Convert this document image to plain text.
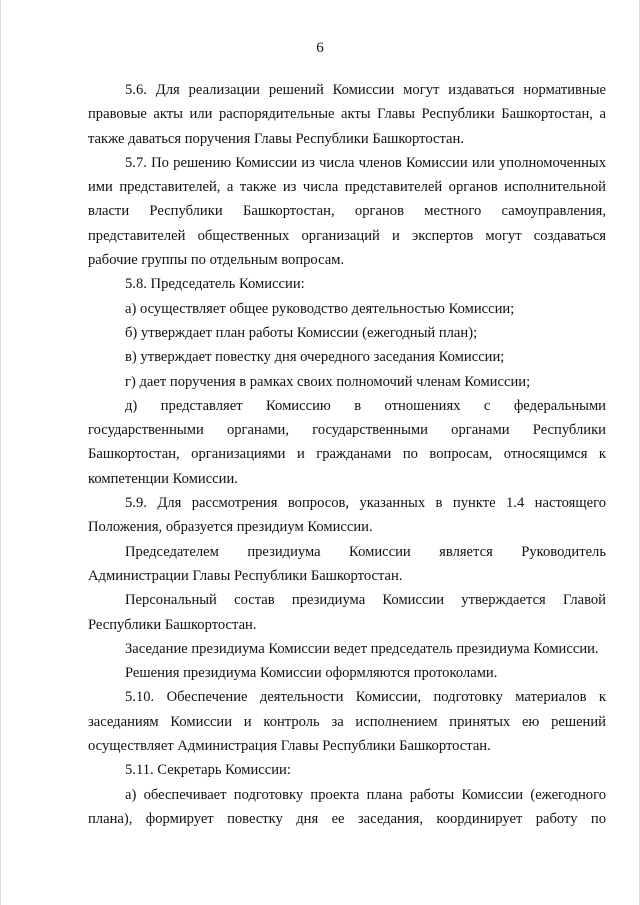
6

5.6. Для реализации решений Комиссии могут издаваться нормативные правовые акты или распорядительные акты Главы Республики Башкортостан, а также даваться поручения Главы Республики Башкортостан.

5.7. По решению Комиссии из числа членов Комиссии или уполномоченных ими представителей, а также из числа представителей органов исполнительной власти Республики Башкортостан, органов местного самоуправления, представителей общественных организаций и экспертов могут создаваться рабочие группы по отдельным вопросам.

5.8. Председатель Комиссии:

а) осуществляет общее руководство деятельностью Комиссии;

б) утверждает план работы Комиссии (ежегодный план);

в) утверждает повестку дня очередного заседания Комиссии;

г) дает поручения в рамках своих полномочий членам Комиссии;

д) представляет Комиссию в отношениях с федеральными государственными органами, государственными органами Республики Башкортостан, организациями и гражданами по вопросам, относящимся к компетенции Комиссии.

5.9. Для рассмотрения вопросов, указанных в пункте 1.4 настоящего Положения, образуется президиум Комиссии.

Председателем президиума Комиссии является Руководитель Администрации Главы Республики Башкортостан.

Персональный состав президиума Комиссии утверждается Главой Республики Башкортостан.

Заседание президиума Комиссии ведет председатель президиума Комиссии.

Решения президиума Комиссии оформляются протоколами.

5.10. Обеспечение деятельности Комиссии, подготовку материалов к заседаниям Комиссии и контроль за исполнением принятых ею решений осуществляет Администрация Главы Республики Башкортостан.

5.11. Секретарь Комиссии:

а) обеспечивает подготовку проекта плана работы Комиссии (ежегодного плана), формирует повестку дня ее заседания, координирует работу по
